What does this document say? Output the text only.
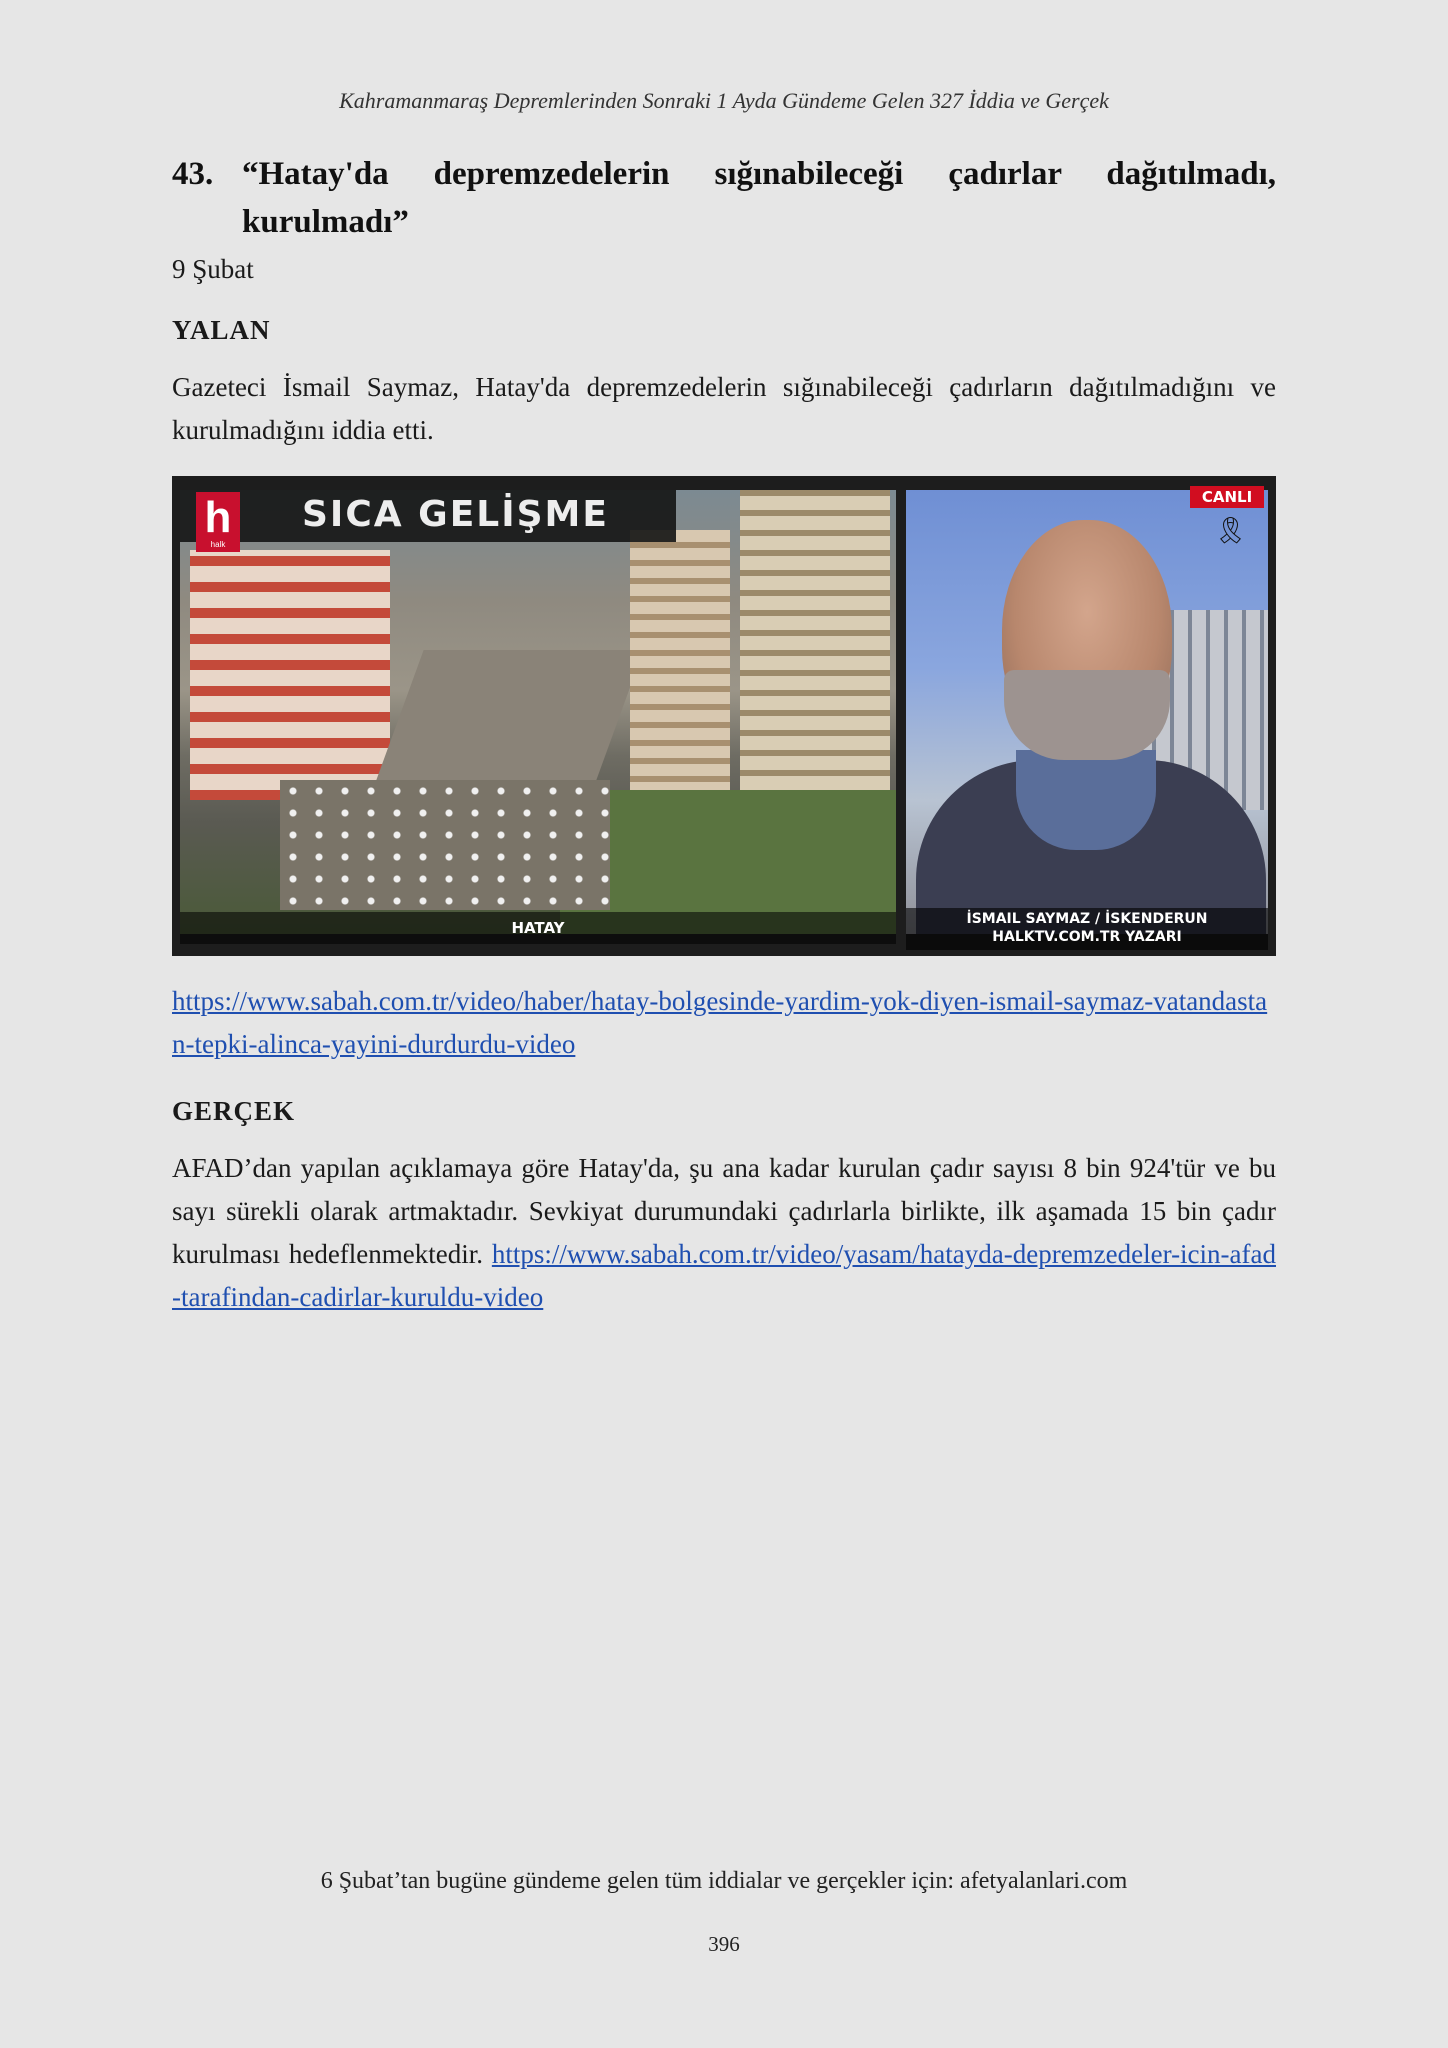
Kahramanmaraş Depremlerinden Sonraki 1 Ayda Gündeme Gelen 327 İddia ve Gerçek
43. “Hatay'da depremzedelerin sığınabileceği çadırlar dağıtılmadı, kurulmadı”
9 Şubat
YALAN
Gazeteci İsmail Saymaz, Hatay'da depremzedelerin sığınabileceği çadırların dağıtılmadığını ve kurulmadığını iddia etti.
h
halk
SICA GELİŞME	CANLI
🎗
HATAY	İSMAIL SAYMAZ / İSKENDERUN
HALKTV.COM.TR YAZARI
https://www.sabah.com.tr/video/haber/hatay-bolgesinde-yardim-yok-diyen-ismail-saymaz-vatandastan-tepki-alinca-yayini-durdurdu-video
GERÇEK
AFAD’dan yapılan açıklamaya göre Hatay'da, şu ana kadar kurulan çadır sayısı 8 bin 924'tür ve bu sayı sürekli olarak artmaktadır. Sevkiyat durumundaki çadırlarla birlikte, ilk aşamada 15 bin çadır kurulması hedeflenmektedir. https://www.sabah.com.tr/video/yasam/hatayda-depremzedeler-icin-afad-tarafindan-cadirlar-kuruldu-video
6 Şubat’tan bugüne gündeme gelen tüm iddialar ve gerçekler için: afetyalanlari.com
396
